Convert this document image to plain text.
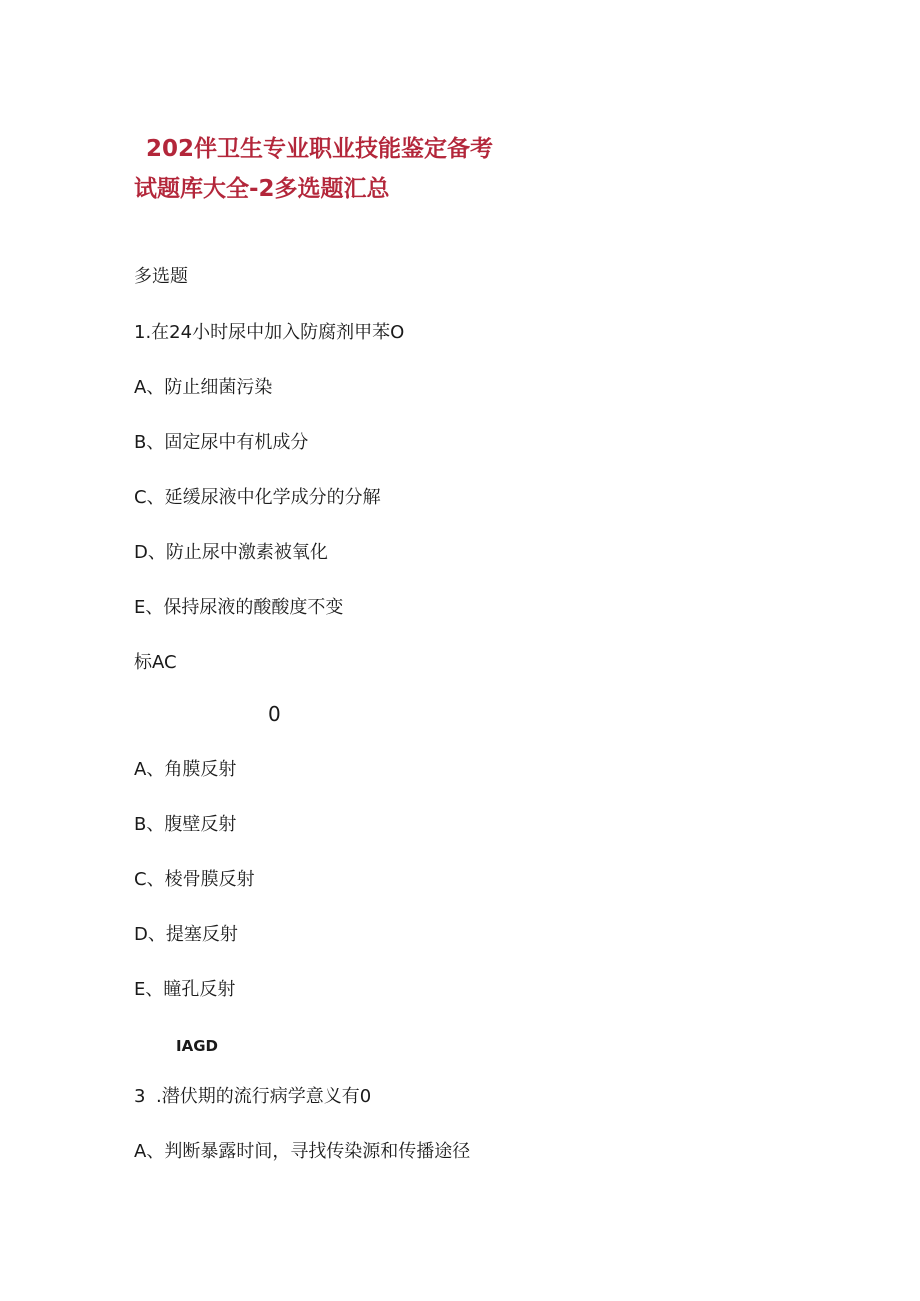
202伴卫生专业职业技能鉴定备考
试题库大全-2多选题汇总
多选题
1.在24小时尿中加入防腐剂甲苯O
A、防止细菌污染
B、固定尿中有机成分
C、延缓尿液中化学成分的分解
D、防止尿中激素被氧化
E、保持尿液的酸酸度不变
标AC
0
A、角膜反射
B、腹壁反射
C、棱骨膜反射
D、提塞反射
E、瞳孔反射
IAGD
3 .潜伏期的流行病学意义有0
A、判断暴露时间，寻找传染源和传播途径
